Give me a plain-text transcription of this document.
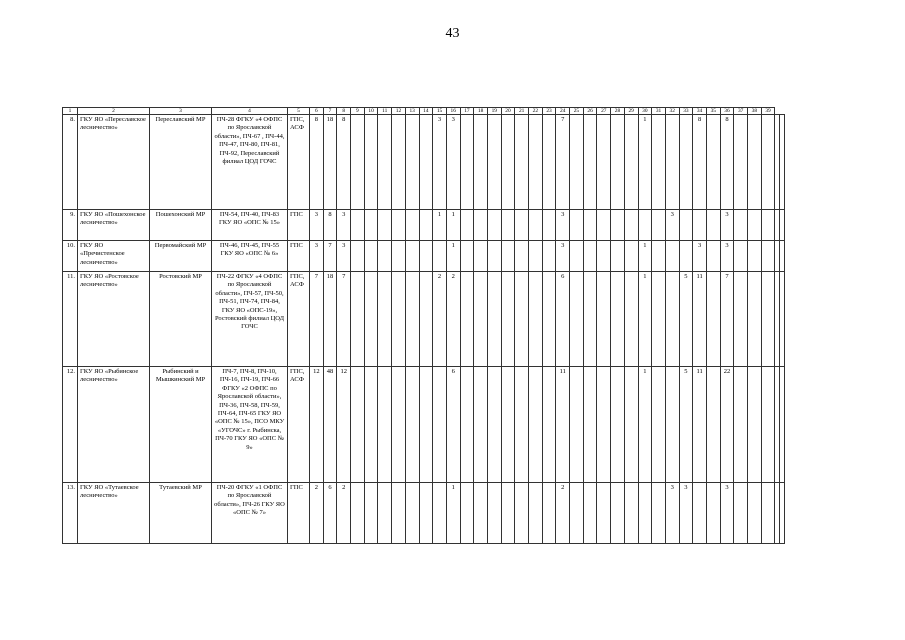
43
1	2	3	4	5	6	7	8	9	10	11	12	13	14	15	16	17	18	19	20	21	22	23	24	25	26	27	28	29	30	31	32	33	34	35	36	37	38	39		
8.	ГКУ ЯО «Переславское лесничество»	Переславский МР	ПЧ-28 ФГКУ «4 ОФПС по Ярославской области», ПЧ-67 , ПЧ-44, ПЧ-47, ПЧ-80, ПЧ-81, ПЧ-92, Переславский филиал ЦОД ГОЧС	ГПС, АСФ	8	18	8							3	3								7						1				8		8					
9.	ГКУ ЯО «Пошехонское лесничество»	Пошехонский МР	ПЧ-54, ПЧ-40, ПЧ-83 ГКУ ЯО «ОПС № 15»	ГПС	3	8	3							1	1								3								3				3					
10.	ГКУ ЯО «Пречистенское лесничество»	Первомайский МР	ПЧ-46, ПЧ-45, ПЧ-55 ГКУ ЯО «ОПС № 6»	ГПС	3	7	3								1								3						1				3		3					
11.	ГКУ ЯО «Ростовское лесничество»	Ростовский МР	ПЧ-22 ФГКУ «4 ОФПС по Ярославской области», ПЧ-57, ПЧ-50, ПЧ-51, ПЧ-74, ПЧ-84, ГКУ ЯО «ОПС-19», Ростовский филиал ЦОД ГОЧС	ГПС, АСФ	7	18	7							2	2								6						1			5	11		7					
12.	ГКУ ЯО «Рыбинское лесничество»	Рыбинский и Мышкинский МР	ПЧ-7, ПЧ-8, ПЧ-10, ПЧ-16, ПЧ-19, ПЧ-66 ФГКУ «2 ОФПС по Ярославской области», ПЧ-36, ПЧ-58, ПЧ-59, ПЧ-64, ПЧ-65 ГКУ ЯО «ОПС № 15», ПСО МКУ «УГОЧС» г. Рыбинска, ПЧ-70 ГКУ ЯО «ОПС № 9»	ГПС, АСФ	12	48	12								6								11						1			5	11		22					
13.	ГКУ ЯО «Тутаевское лесничество»	Тутаевский МР	ПЧ-20 ФГКУ «1 ОФПС по Ярославской области», ПЧ-26 ГКУ ЯО «ОПС № 7»	ГПС	2	6	2								1								2								3	3			3					
